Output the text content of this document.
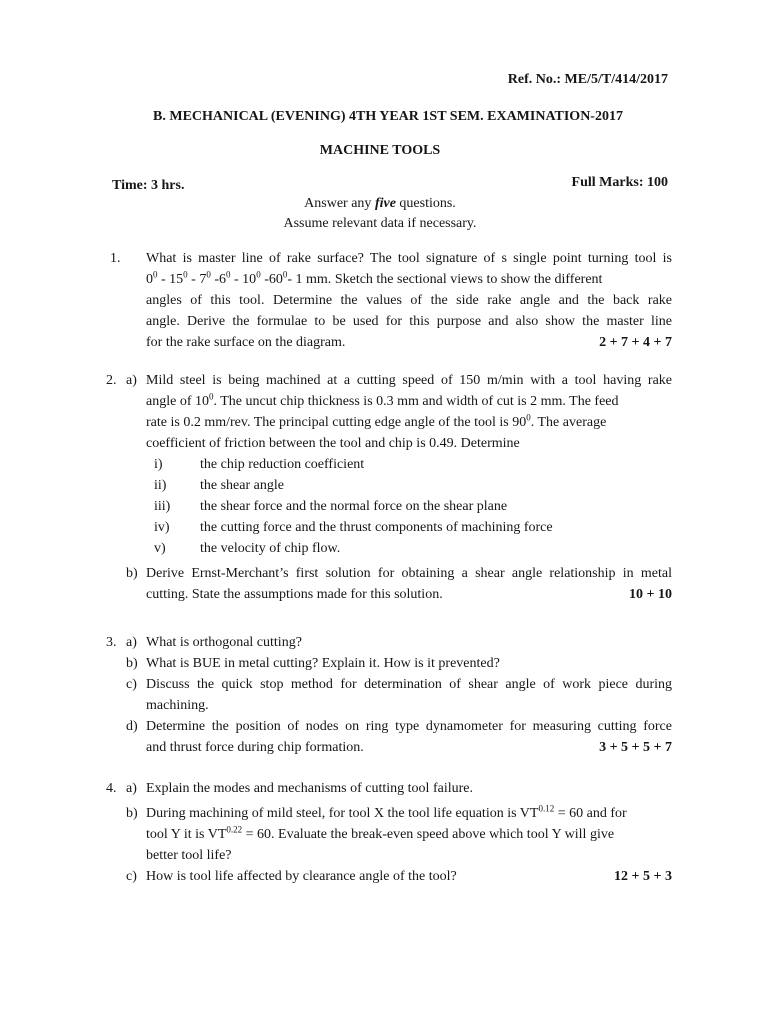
Ref. No.: ME/5/T/414/2017
B. MECHANICAL (EVENING) 4TH YEAR 1ST SEM. EXAMINATION-2017
MACHINE TOOLS
Time: 3 hrs.	Full Marks: 100
Answer any five questions.
Assume relevant data if necessary.
1. What is master line of rake surface? The tool signature of s single point turning tool is
$0^0 - 15^0 - 7^0$ $-6^0 - 10^0$ $-60^0-$ 1 mm. Sketch the sectional views to show the different
angles of this tool. Determine the values of the side rake angle and the back rake
angle. Derive the formulae to be used for this purpose and also show the master line
for the rake surface on the diagram.	2 + 7 + 4 + 7
2. a) Mild steel is being machined at a cutting speed of 150 m/min with a tool having rake
angle of $10^0$. The uncut chip thickness is 0.3 mm and width of cut is 2 mm. The feed
rate is 0.2 mm/rev. The principal cutting edge angle of the tool is $90^0$. The average
coefficient of friction between the tool and chip is 0.49. Determine
i)	the chip reduction coefficient
ii) the shear angle
iii) the shear force and the normal force on the shear plane
iv) the cutting force and the thrust components of machining force
v) the velocity of chip flow.
b) Derive Ernst-Merchant’s first solution for obtaining a shear angle relationship in metal
cutting. State the assumptions made for this solution.	10 + 10
3. a) What is orthogonal cutting?
b) What is BUE in metal cutting? Explain it. How is it prevented?
c) Discuss the quick stop method for determination of shear angle of work piece during
machining.
d) Determine the position of nodes on ring type dynamometer for measuring cutting force
and thrust force during chip formation.	3 + 5 + 5 + 7
4. a) Explain the modes and mechanisms of cutting tool failure.
b) During machining of mild steel, for tool X the tool life equation is $VT^{0.12} = 60$ and for
tool Y it is $VT^{0.22} = 60$. Evaluate the break-even speed above which tool Y will give
better tool life?
c) How is tool life affected by clearance angle of the tool?	12 + 5 + 3
